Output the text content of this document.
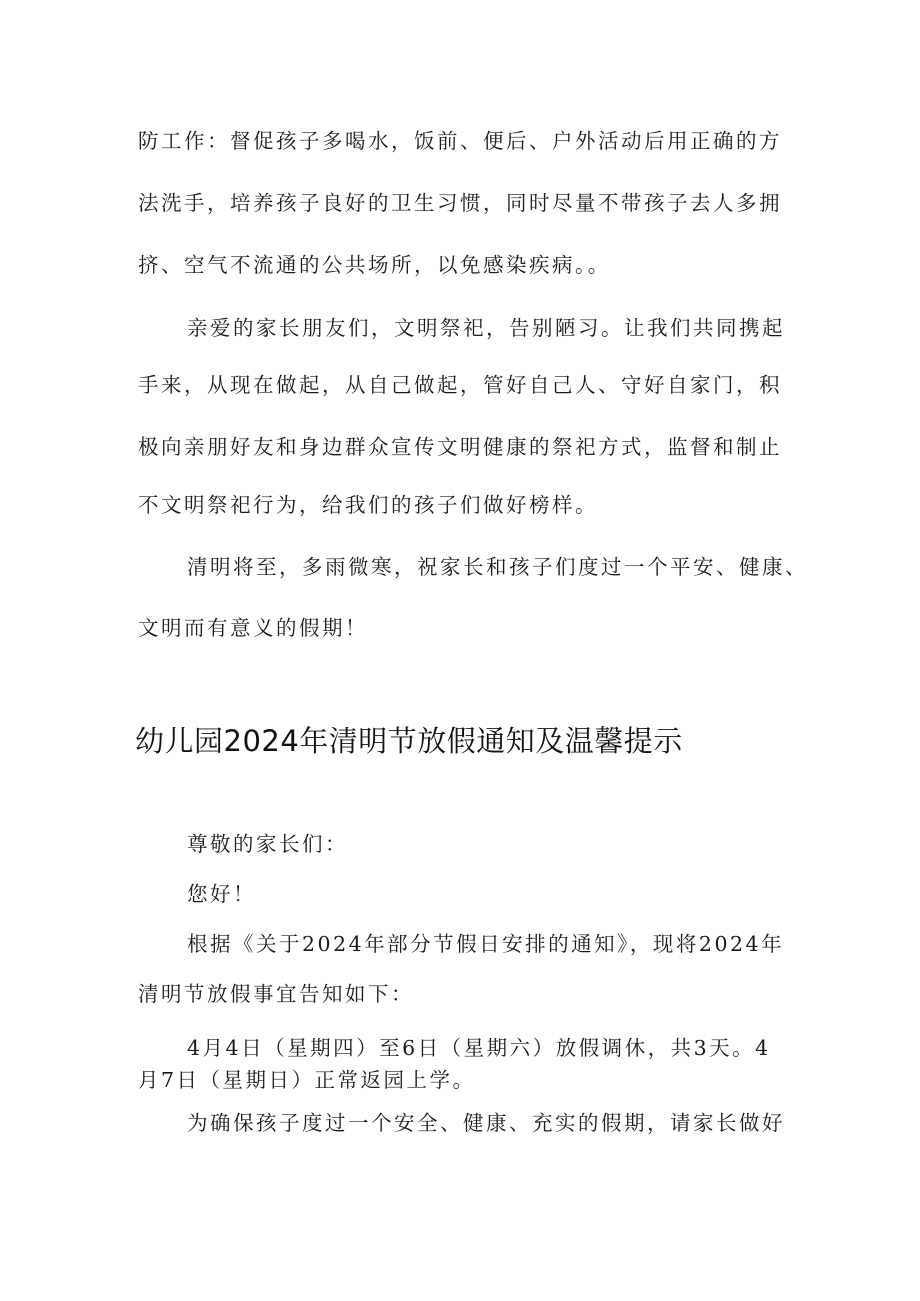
防工作：督促孩子多喝水，饭前、便后、户外活动后用正确的方
法洗手，培养孩子良好的卫生习惯，同时尽量不带孩子去人多拥
挤、空气不流通的公共场所，以免感染疾病。。
亲爱的家长朋友们，文明祭祀，告别陋习。让我们共同携起
手来，从现在做起，从自己做起，管好自己人、守好自家门，积
极向亲朋好友和身边群众宣传文明健康的祭祀方式，监督和制止
不文明祭祀行为，给我们的孩子们做好榜样。
清明将至，多雨微寒，祝家长和孩子们度过一个平安、健康、
文明而有意义的假期！
幼儿园2024年清明节放假通知及温馨提示
尊敬的家长们：
您好！
根据《关于2024年部分节假日安排的通知》，现将2024年
清明节放假事宜告知如下：
4月4日（星期四）至6日（星期六）放假调休，共3天。4
月7日（星期日）正常返园上学。
为确保孩子度过一个安全、健康、充实的假期，请家长做好
